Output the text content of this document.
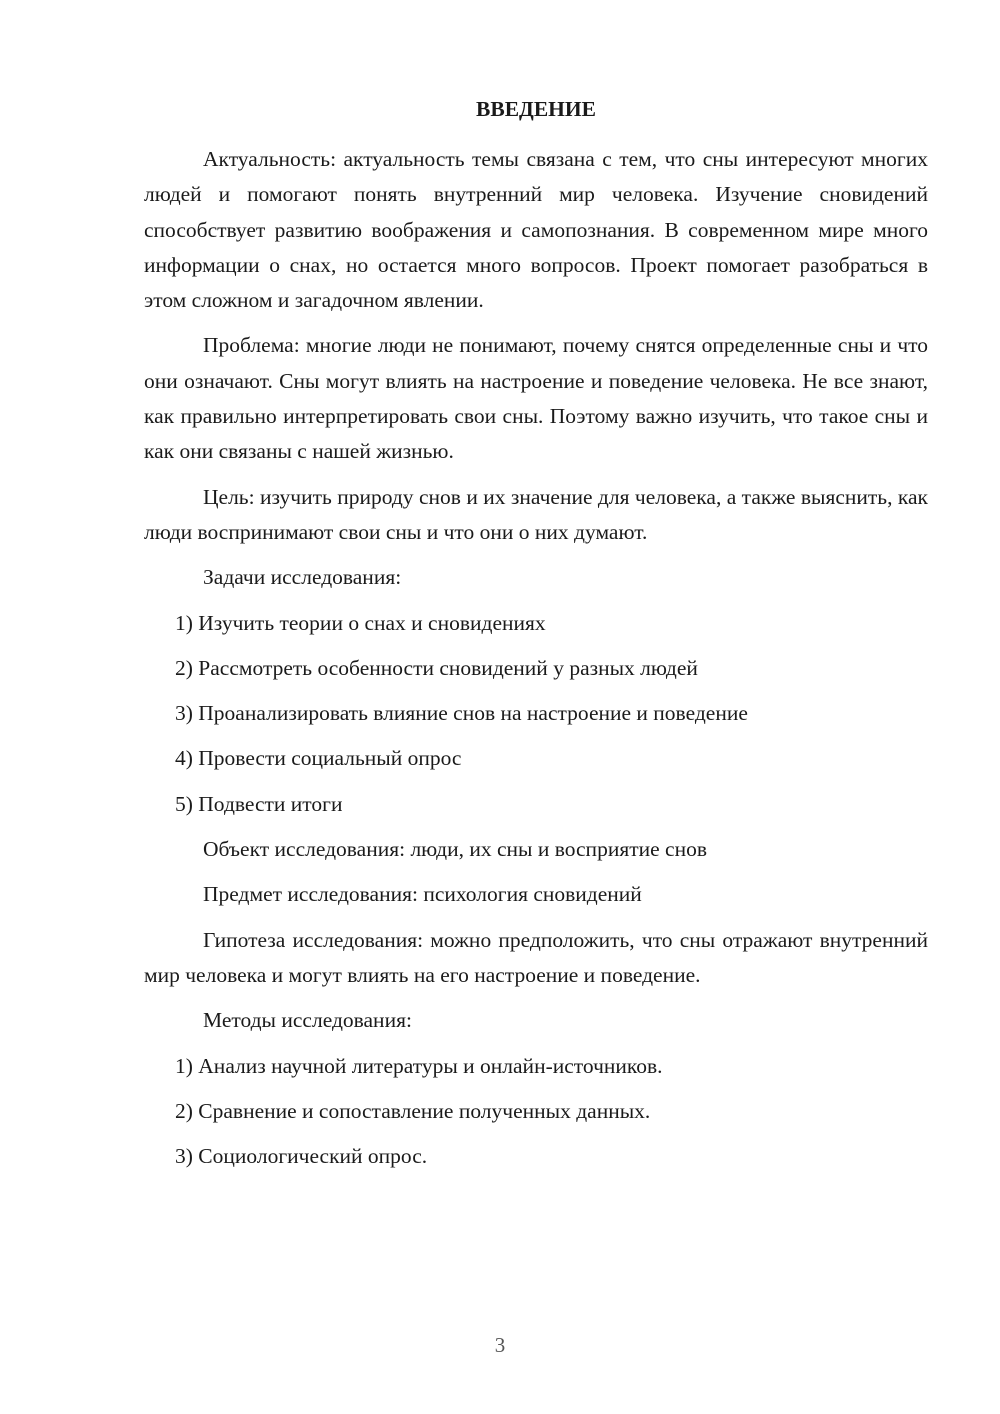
ВВЕДЕНИЕ

Актуальность: актуальность темы связана с тем, что сны интересуют многих людей и помогают понять внутренний мир человека. Изучение сновидений способствует развитию воображения и самопознания. В современном мире много информации о снах, но остается много вопросов. Проект помогает разобраться в этом сложном и загадочном явлении.

Проблема: многие люди не понимают, почему снятся определенные сны и что они означают. Сны могут влиять на настроение и поведение человека. Не все знают, как правильно интерпретировать свои сны. Поэтому важно изучить, что такое сны и как они связаны с нашей жизнью.

Цель: изучить природу снов и их значение для человека, а также выяснить, как люди воспринимают свои сны и что они о них думают.

Задачи исследования:
1) Изучить теории о снах и сновидениях
2) Рассмотреть особенности сновидений у разных людей
3) Проанализировать влияние снов на настроение и поведение
4) Провести социальный опрос
5) Подвести итоги
Объект исследования: люди, их сны и восприятие снов
Предмет исследования: психология сновидений

Гипотеза исследования: можно предположить, что сны отражают внутренний мир человека и могут влиять на его настроение и поведение.

Методы исследования:
1) Анализ научной литературы и онлайн-источников.
2) Сравнение и сопоставление полученных данных.
3) Социологический опрос.
3
